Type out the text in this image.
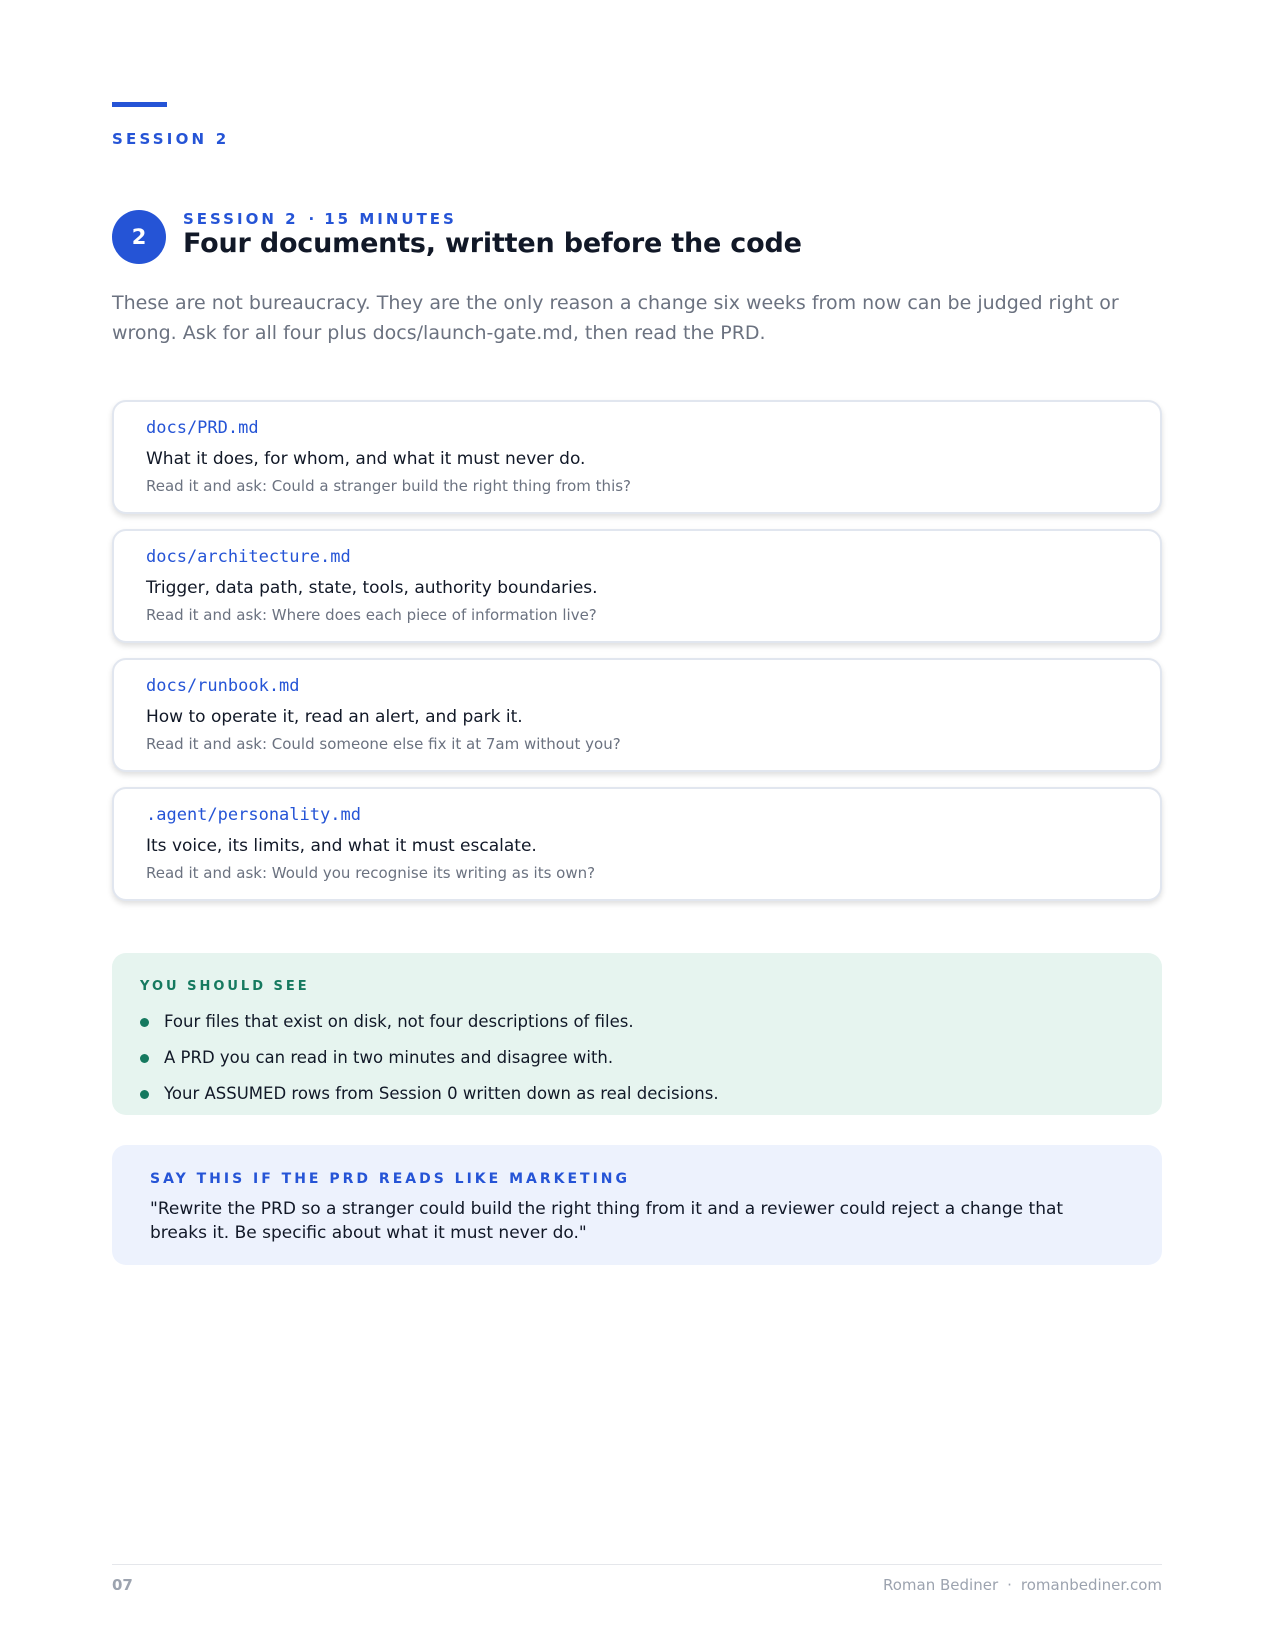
SESSION 2
2
SESSION 2 · 15 MINUTES
Four documents, written before the code

These are not bureaucracy. They are the only reason a change six weeks from now can be judged right or wrong. Ask for all four plus docs/launch-gate.md, then read the PRD.

docs/PRD.md
What it does, for whom, and what it must never do.
Read it and ask: Could a stranger build the right thing from this?
docs/architecture.md
Trigger, data path, state, tools, authority boundaries.
Read it and ask: Where does each piece of information live?
docs/runbook.md
How to operate it, read an alert, and park it.
Read it and ask: Could someone else fix it at 7am without you?
.agent/personality.md
Its voice, its limits, and what it must escalate.
Read it and ask: Would you recognise its writing as its own?
YOU SHOULD SEE
Four files that exist on disk, not four descriptions of files.
A PRD you can read in two minutes and disagree with.
Your ASSUMED rows from Session 0 written down as real decisions.
SAY THIS IF THE PRD READS LIKE MARKETING

"Rewrite the PRD so a stranger could build the right thing from it and a reviewer could reject a change that breaks it. Be specific about what it must never do."

07	Roman Bediner · romanbediner.com
